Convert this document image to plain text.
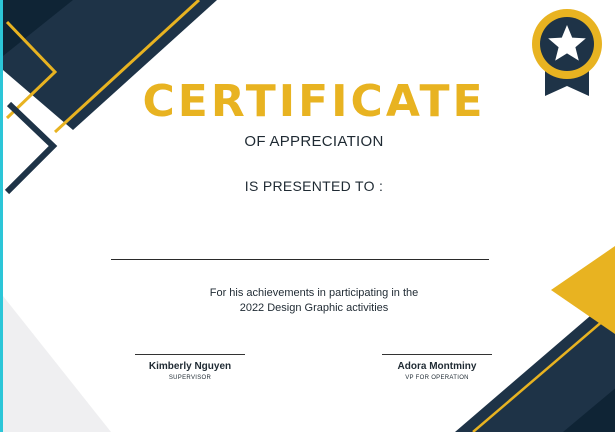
CERTIFICATE
OF APPRECIATION
IS PRESENTED TO :
For his achievements in participating in the
2022 Design Graphic activities
Kimberly Nguyen
SUPERVISOR
Adora Montminy
VP FOR OPERATION
